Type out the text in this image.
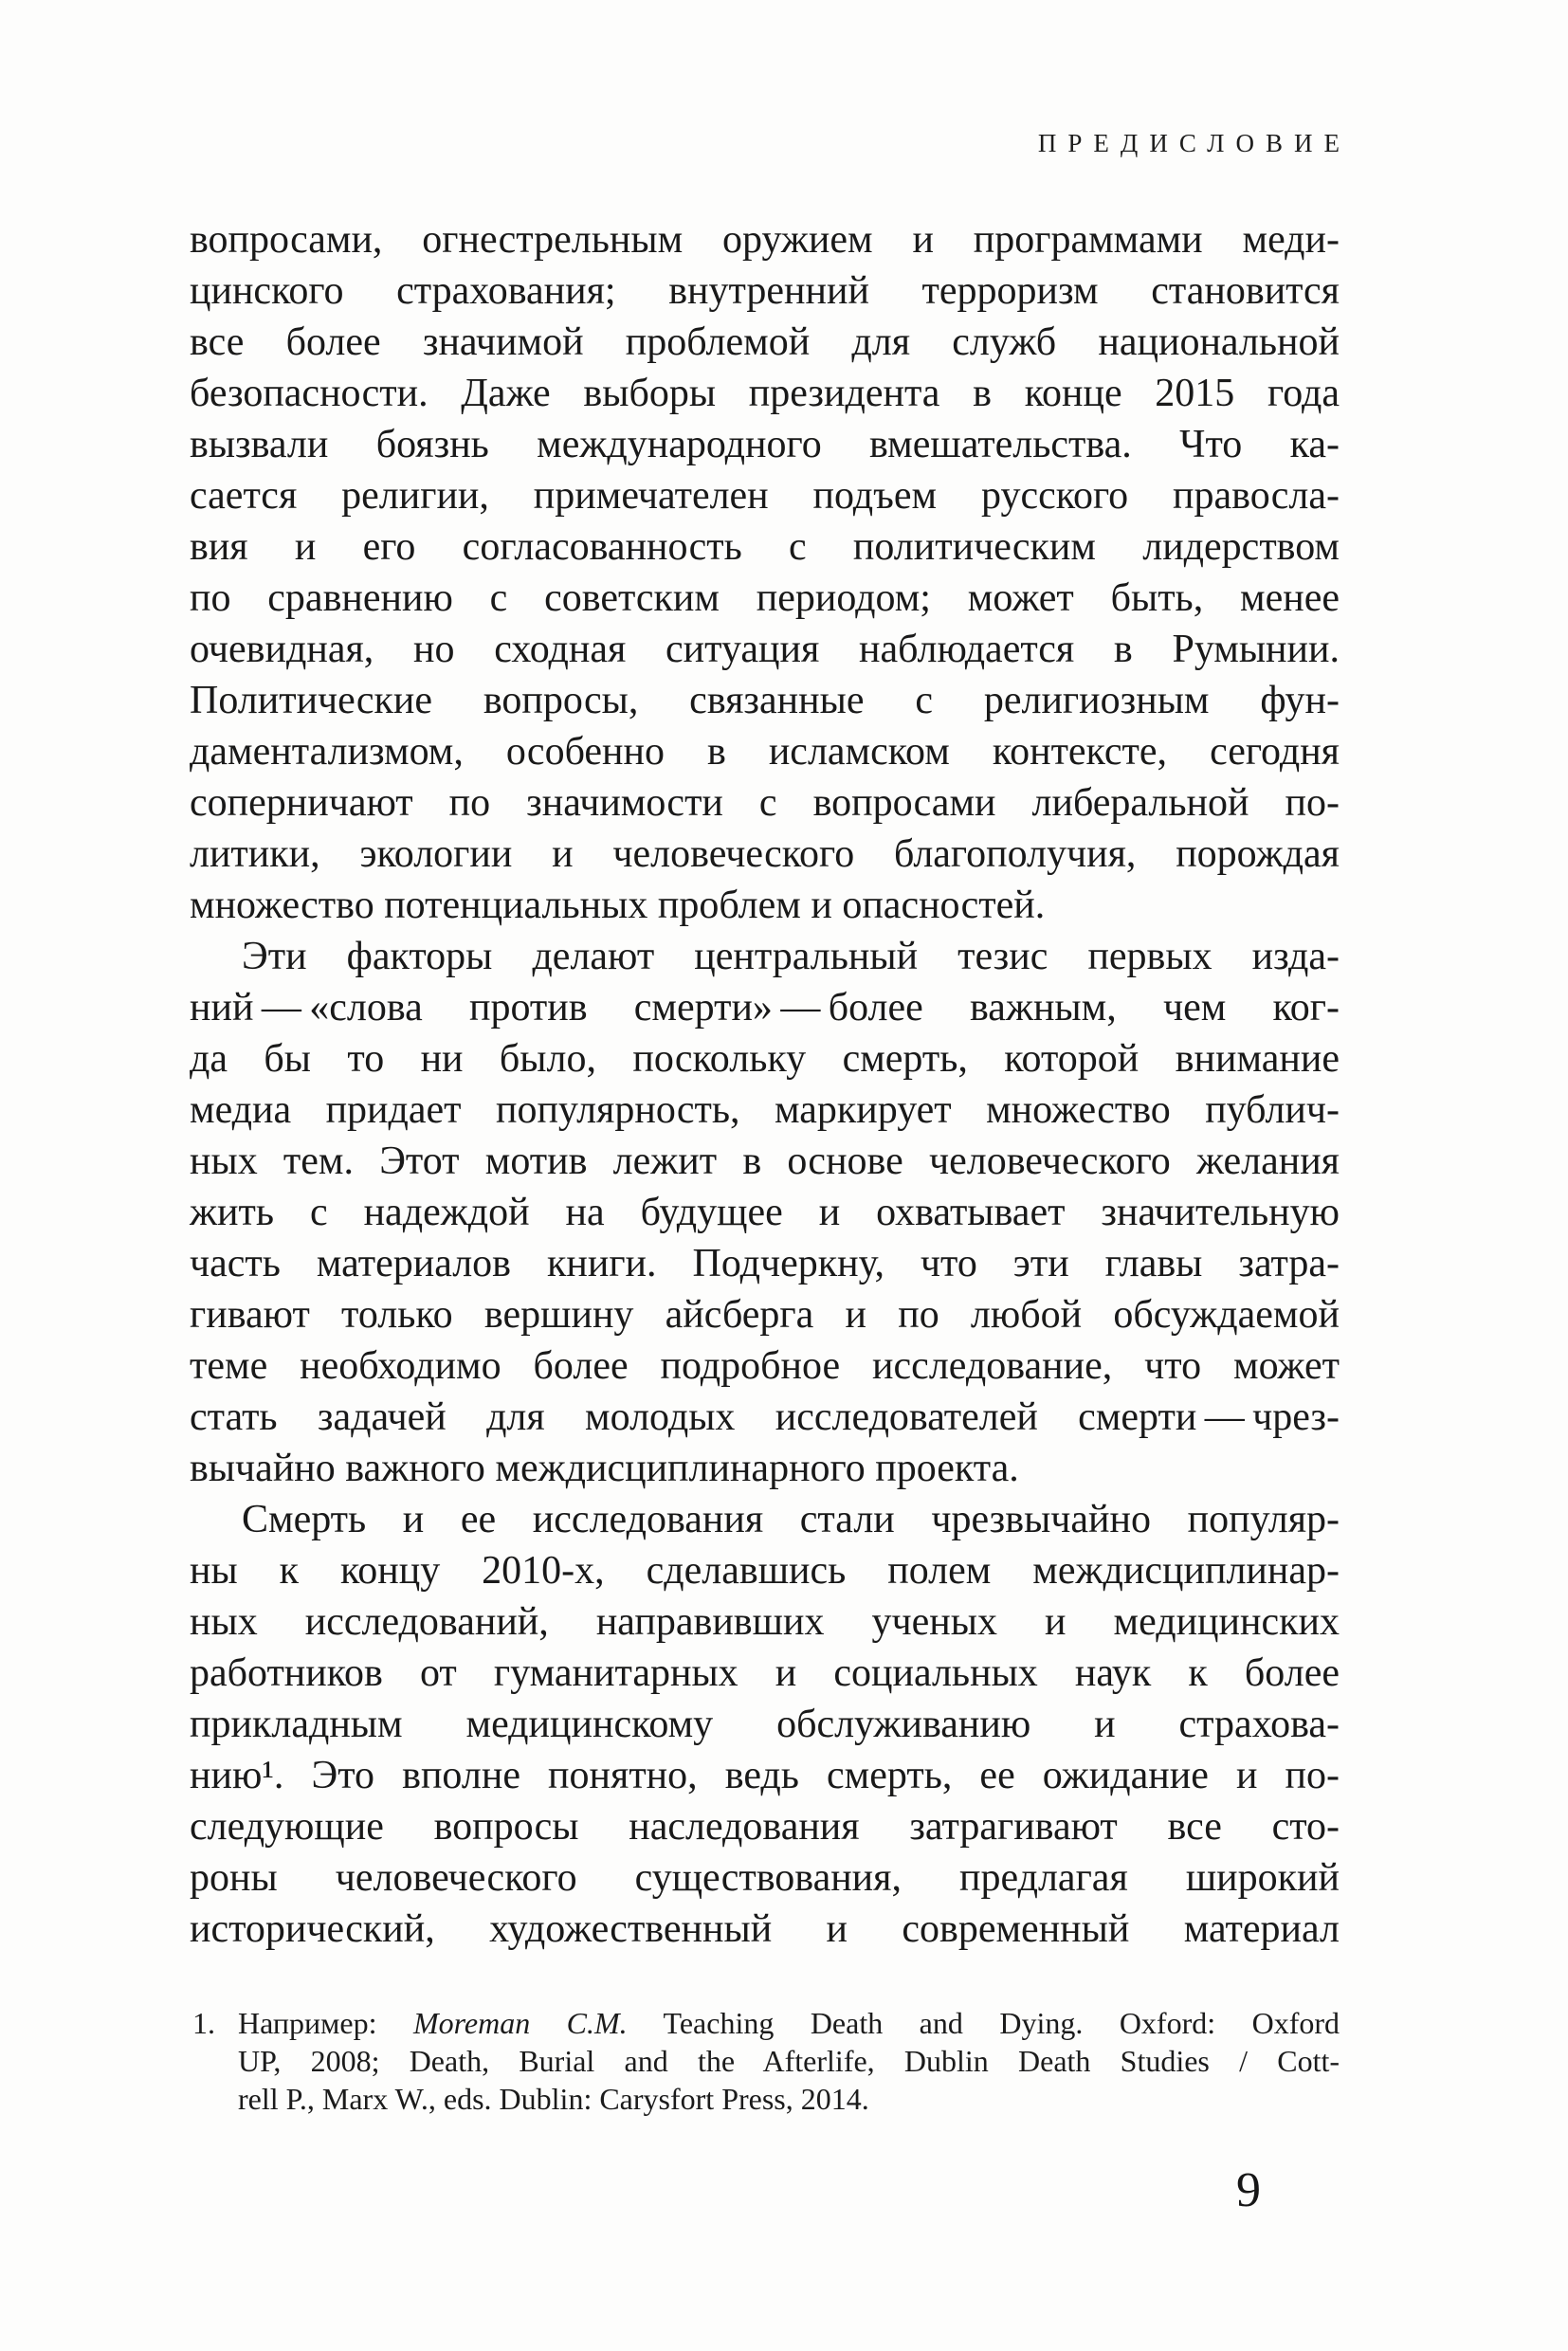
ПРЕДИСЛОВИЕ
вопросами, огнестрельным оружием и программами меди-
цинского страхования; внутренний терроризм становится
все более значимой проблемой для служб национальной
безопасности. Даже выборы президента в конце 2015 года
вызвали боязнь международного вмешательства. Что ка-
сается религии, примечателен подъем русского правосла-
вия и его согласованность с политическим лидерством
по сравнению с советским периодом; может быть, менее
очевидная, но сходная ситуация наблюдается в Румынии.
Политические вопросы, связанные с религиозным фун-
даментализмом, особенно в исламском контексте, сегодня
соперничают по значимости с вопросами либеральной по-
литики, экологии и человеческого благополучия, порождая
множество потенциальных проблем и опасностей.
Эти факторы делают центральный тезис первых изда-
ний — «слова против смерти» — более важным, чем ког-
да бы то ни было, поскольку смерть, которой внимание
медиа придает популярность, маркирует множество публич-
ных тем. Этот мотив лежит в основе человеческого желания
жить с надеждой на будущее и охватывает значительную
часть материалов книги. Подчеркну, что эти главы затра-
гивают только вершину айсберга и по любой обсуждаемой
теме необходимо более подробное исследование, что может
стать задачей для молодых исследователей смерти — чрез-
вычайно важного междисциплинарного проекта.
Смерть и ее исследования стали чрезвычайно популяр-
ны к концу 2010-х, сделавшись полем междисциплинар-
ных исследований, направивших ученых и медицинских
работников от гуманитарных и социальных наук к более
прикладным медицинскому обслуживанию и страхова-
нию¹. Это вполне понятно, ведь смерть, ее ожидание и по-
следующие вопросы наследования затрагивают все сто-
роны человеческого существования, предлагая широкий
исторический, художественный и современный материал
1. Например: Moreman C.M. Teaching Death and Dying. Oxford: Oxford
UP, 2008; Death, Burial and the Afterlife, Dublin Death Studies / Cott-
rell P., Marx W., eds. Dublin: Carysfort Press, 2014.
9
